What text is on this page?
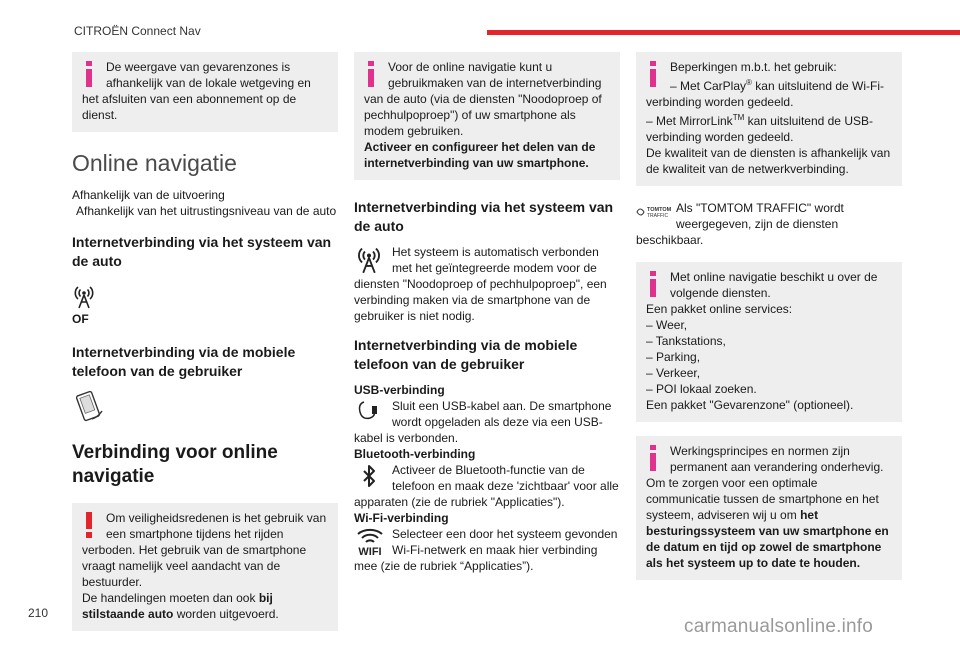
CITROËN Connect Nav

De weergave van gevarenzones is afhankelijk van de lokale wetgeving en het afsluiten van een abonnement op de dienst.

Online navigatie

Afhankelijk van de uitvoering

Afhankelijk van het uitrustingsniveau van de auto

Internetverbinding via het systeem van de auto

OF

Internetverbinding via de mobiele telefoon van de gebruiker
Verbinding voor online navigatie

Om veiligheidsredenen is het gebruik van een smartphone tijdens het rijden verboden. Het gebruik van de smartphone vraagt namelijk veel aandacht van de bestuurder.

De handelingen moeten dan ook bij stilstaande auto worden uitgevoerd.

Voor de online navigatie kunt u gebruikmaken van de internetverbinding van de auto (via de diensten "Noodoproep of pechhulpoproep") of uw smartphone als modem gebruiken.

Activeer en configureer het delen van de internetverbinding van uw smartphone.

Internetverbinding via het systeem van de auto

Het systeem is automatisch verbonden met het geïntegreerde modem voor de diensten "Noodoproep of pechhulpoproep", een verbinding maken via de smartphone van de gebruiker is niet nodig.

Internetverbinding via de mobiele telefoon van de gebruiker

USB-verbinding

Sluit een USB-kabel aan. De smartphone wordt opgeladen als deze via een USB-kabel is verbonden.

Bluetooth-verbinding

Activeer de Bluetooth-functie van de telefoon en maak deze 'zichtbaar' voor alle apparaten (zie de rubriek "Applicaties").

Wi-Fi-verbinding

WIFI

Selecteer een door het systeem gevonden Wi-Fi-netwerk en maak hier verbinding mee (zie de rubriek “Applicaties”).

Beperkingen m.b.t. het gebruik:

– Met CarPlay® kan uitsluitend de Wi-Fi-verbinding worden gedeeld.

– Met MirrorLink™ kan uitsluitend de USB-verbinding worden gedeeld.

De kwaliteit van de diensten is afhankelijk van de kwaliteit van de netwerkverbinding.

TOMTOM
TRAFFIC

Als "TOMTOM TRAFFIC" wordt weergegeven, zijn de diensten beschikbaar.

Met online navigatie beschikt u over de volgende diensten.

Een pakket online services:

– Weer,

– Tankstations,

– Parking,

– Verkeer,

– POI lokaal zoeken.

Een pakket "Gevarenzone" (optioneel).

Werkingsprincipes en normen zijn permanent aan verandering onderhevig.

Om te zorgen voor een optimale communicatie tussen de smartphone en het systeem, adviseren wij u om het besturingssysteem van uw smartphone en de datum en tijd op zowel de smartphone als het systeem up to date te houden.

210
carmanualsonline.info
